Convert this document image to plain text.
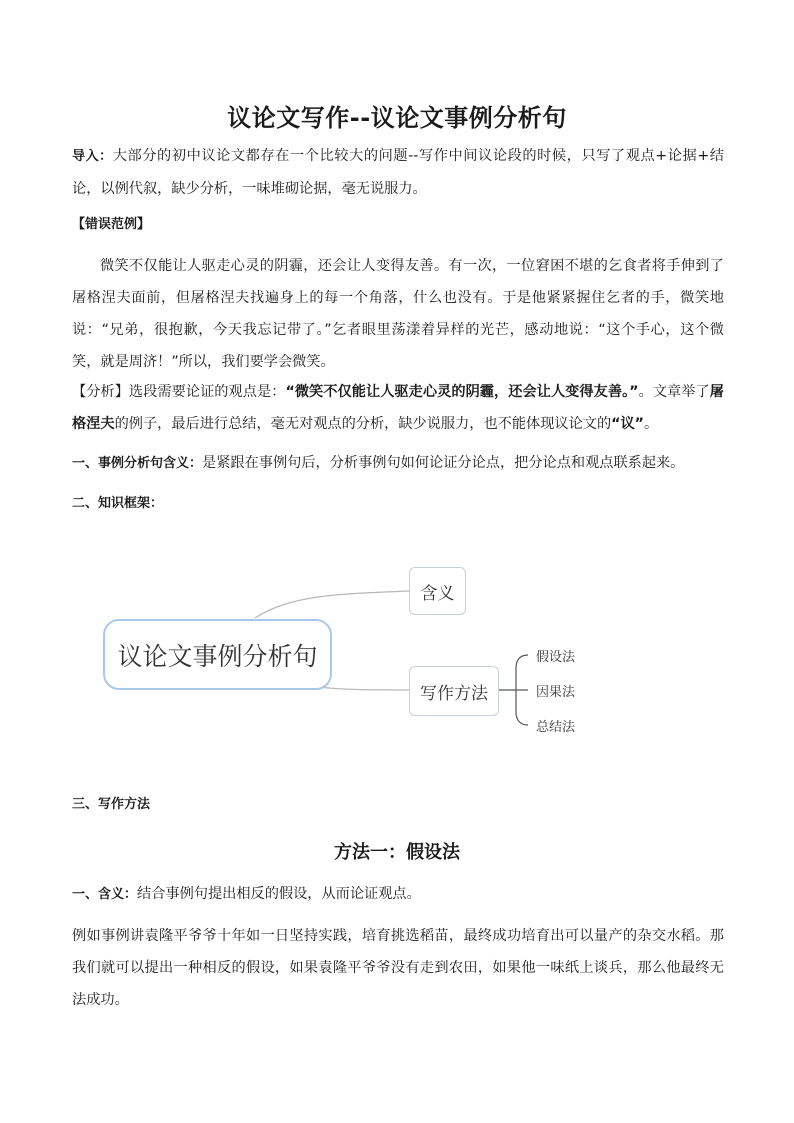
议论文写作--议论文事例分析句
导入：大部分的初中议论文都存在一个比较大的问题--写作中间议论段的时候，只写了观点+论据+结论，以例代叙，缺少分析，一味堆砌论据，毫无说服力。
【错误范例】
微笑不仅能让人驱走心灵的阴霾，还会让人变得友善。有一次，一位窘困不堪的乞食者将手伸到了屠格涅夫面前，但屠格涅夫找遍身上的每一个角落，什么也没有。于是他紧紧握住乞者的手，微笑地说：“兄弟，很抱歉，今天我忘记带了。”乞者眼里荡漾着异样的光芒，感动地说：“这个手心，这个微笑，就是周济！”所以，我们要学会微笑。
【分析】选段需要论证的观点是：“微笑不仅能让人驱走心灵的阴霾，还会让人变得友善。”。文章举了屠格涅夫的例子，最后进行总结，毫无对观点的分析，缺少说服力，也不能体现议论文的“议”。
一、事例分析句含义：是紧跟在事例句后，分析事例句如何论证分论点，把分论点和观点联系起来。
二、知识框架：
议论文事例分析句
含义
写作方法
假设法
因果法
总结法
三、写作方法
方法一：假设法
一、含义：结合事例句提出相反的假设，从而论证观点。
例如事例讲袁隆平爷爷十年如一日坚持实践，培育挑选稻苗，最终成功培育出可以量产的杂交水稻。那我们就可以提出一种相反的假设，如果袁隆平爷爷没有走到农田，如果他一味纸上谈兵，那么他最终无法成功。
